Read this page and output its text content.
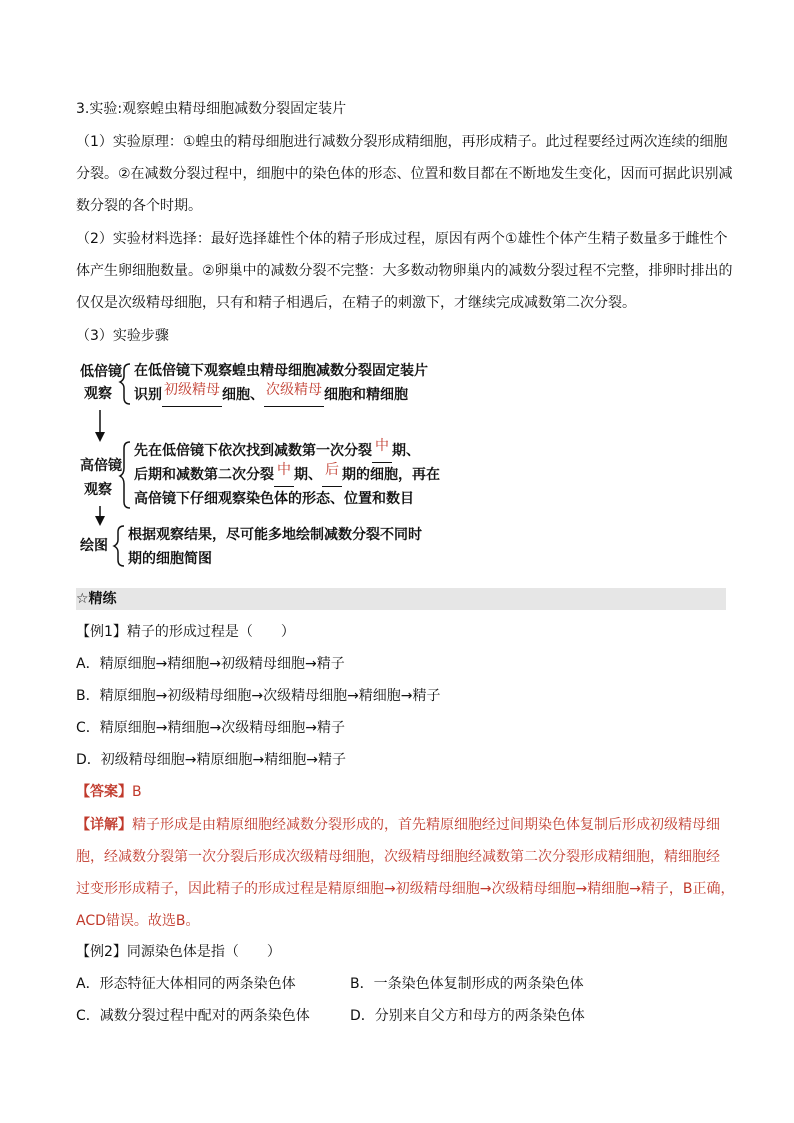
3.实验:观察蝗虫精母细胞减数分裂固定装片
（1）实验原理：①蝗虫的精母细胞进行减数分裂形成精细胞，再形成精子。此过程要经过两次连续的细胞
分裂。②在减数分裂过程中，细胞中的染色体的形态、位置和数目都在不断地发生变化，因而可据此识别减
数分裂的各个时期。
（2）实验材料选择：最好选择雄性个体的精子形成过程，原因有两个①雄性个体产生精子数量多于雌性个
体产生卵细胞数量。②卵巢中的减数分裂不完整：大多数动物卵巢内的减数分裂过程不完整，排卵时排出的
仅仅是次级精母细胞，只有和精子相遇后，在精子的刺激下，才继续完成减数第二次分裂。
（3）实验步骤
低倍镜
观察
在低倍镜下观察蝗虫精母细胞减数分裂固定装片
识别 初级精母 细胞、 次级精母 细胞和精细胞
高倍镜
观察
先在低倍镜下依次找到减数第一次分裂 中 期、
后期和减数第二次分裂 中 期、 后 期的细胞，再在
高倍镜下仔细观察染色体的形态、位置和数目
绘图
根据观察结果，尽可能多地绘制减数分裂不同时
期的细胞简图
☆精练
【例1】精子的形成过程是（　　）
A．精原细胞→精细胞→初级精母细胞→精子
B．精原细胞→初级精母细胞→次级精母细胞→精细胞→精子
C．精原细胞→精细胞→次级精母细胞→精子
D．初级精母细胞→精原细胞→精细胞→精子
【答案】B
【详解】精子形成是由精原细胞经减数分裂形成的，首先精原细胞经过间期染色体复制后形成初级精母细
胞，经减数分裂第一次分裂后形成次级精母细胞，次级精母细胞经减数第二次分裂形成精细胞，精细胞经
过变形形成精子，因此精子的形成过程是精原细胞→初级精母细胞→次级精母细胞→精细胞→精子，B正确，
ACD错误。故选B。
【例2】同源染色体是指（　　）
A．形态特征大体相同的两条染色体	B．一条染色体复制形成的两条染色体
C．减数分裂过程中配对的两条染色体	D．分别来自父方和母方的两条染色体
